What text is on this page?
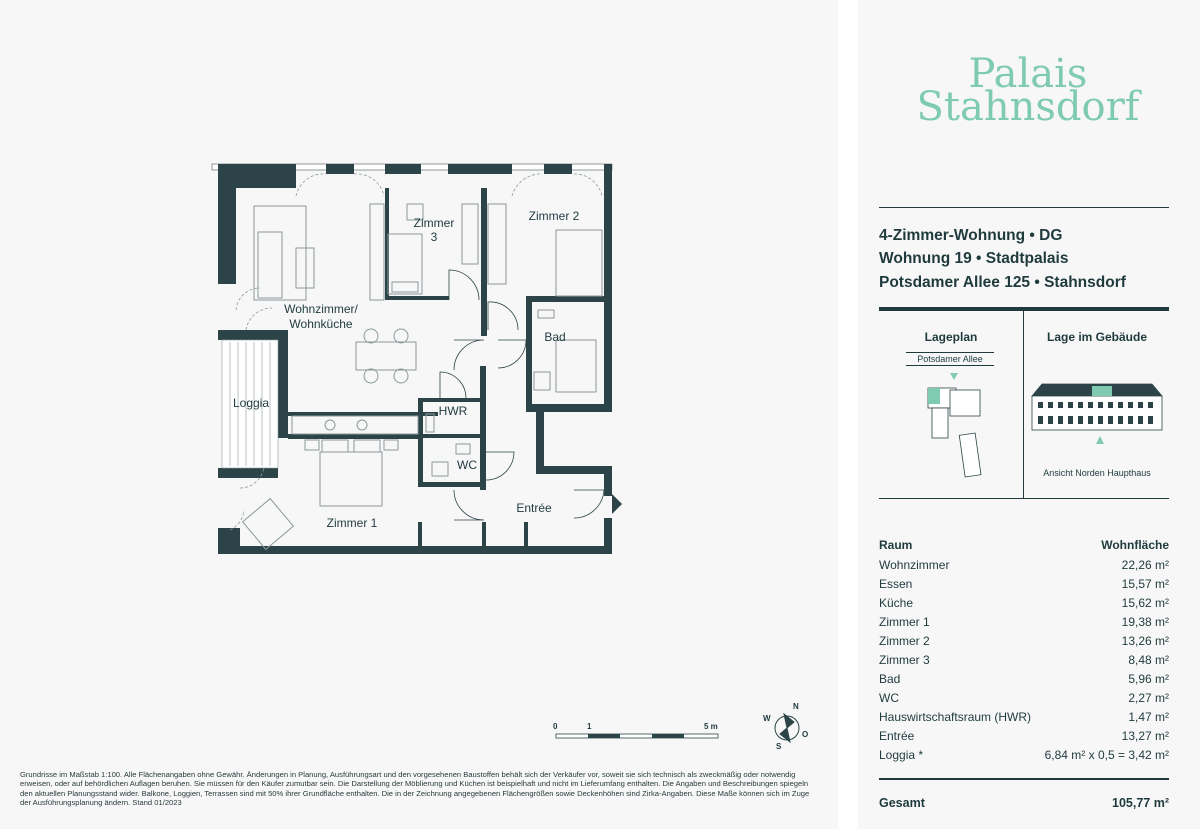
Zimmer
3
Zimmer 2
Wohnzimmer/
Wohnküche
Bad
HWR
WC
Loggia
Zimmer 1
Entrée
0	1	5 m
N
O
S
W
Grundrisse im Maßstab 1:100. Alle Flächenangaben ohne Gewähr. Änderungen in Planung, Ausführungsart und den vorgesehenen Baustoffen behält sich der Verkäufer vor, soweit sie sich technisch als zweckmäßig oder notwendig erweisen, oder auf behördlichen Auflagen beruhen. Sie müssen für den Käufer zumutbar sein. Die Darstellung der Möblierung und Küchen ist beispielhaft und nicht im Lieferumfang enthalten. Die Angaben und Beschreibungen spiegeln den aktuellen Planungsstand wider. Balkone, Loggien, Terrassen sind mit 50% ihrer Grundfläche enthalten. Die in der Zeichnung angegebenen Flächengrößen sowie Deckenhöhen sind Zirka-Angaben. Diese Maße können sich im Zuge der Ausführungsplanung ändern. Stand 01/2023
Palais
Stahnsdorf
4-Zimmer-Wohnung • DG
Wohnung 19 • Stadtpalais
Potsdamer Allee 125 • Stahnsdorf
Lageplan
Potsdamer Allee
Lage im Gebäude
Ansicht Norden Haupthaus
Raum	Wohnfläche
Wohnzimmer	22,26 m²
Essen	15,57 m²
Küche	15,62 m²
Zimmer 1	19,38 m²
Zimmer 2	13,26 m²
Zimmer 3	8,48 m²
Bad	5,96 m²
WC	2,27 m²
Hauswirtschaftsraum (HWR)	1,47 m²
Entrée	13,27 m²
Loggia *	6,84 m² x 0,5 = 3,42 m²
Gesamt	105,77 m²
